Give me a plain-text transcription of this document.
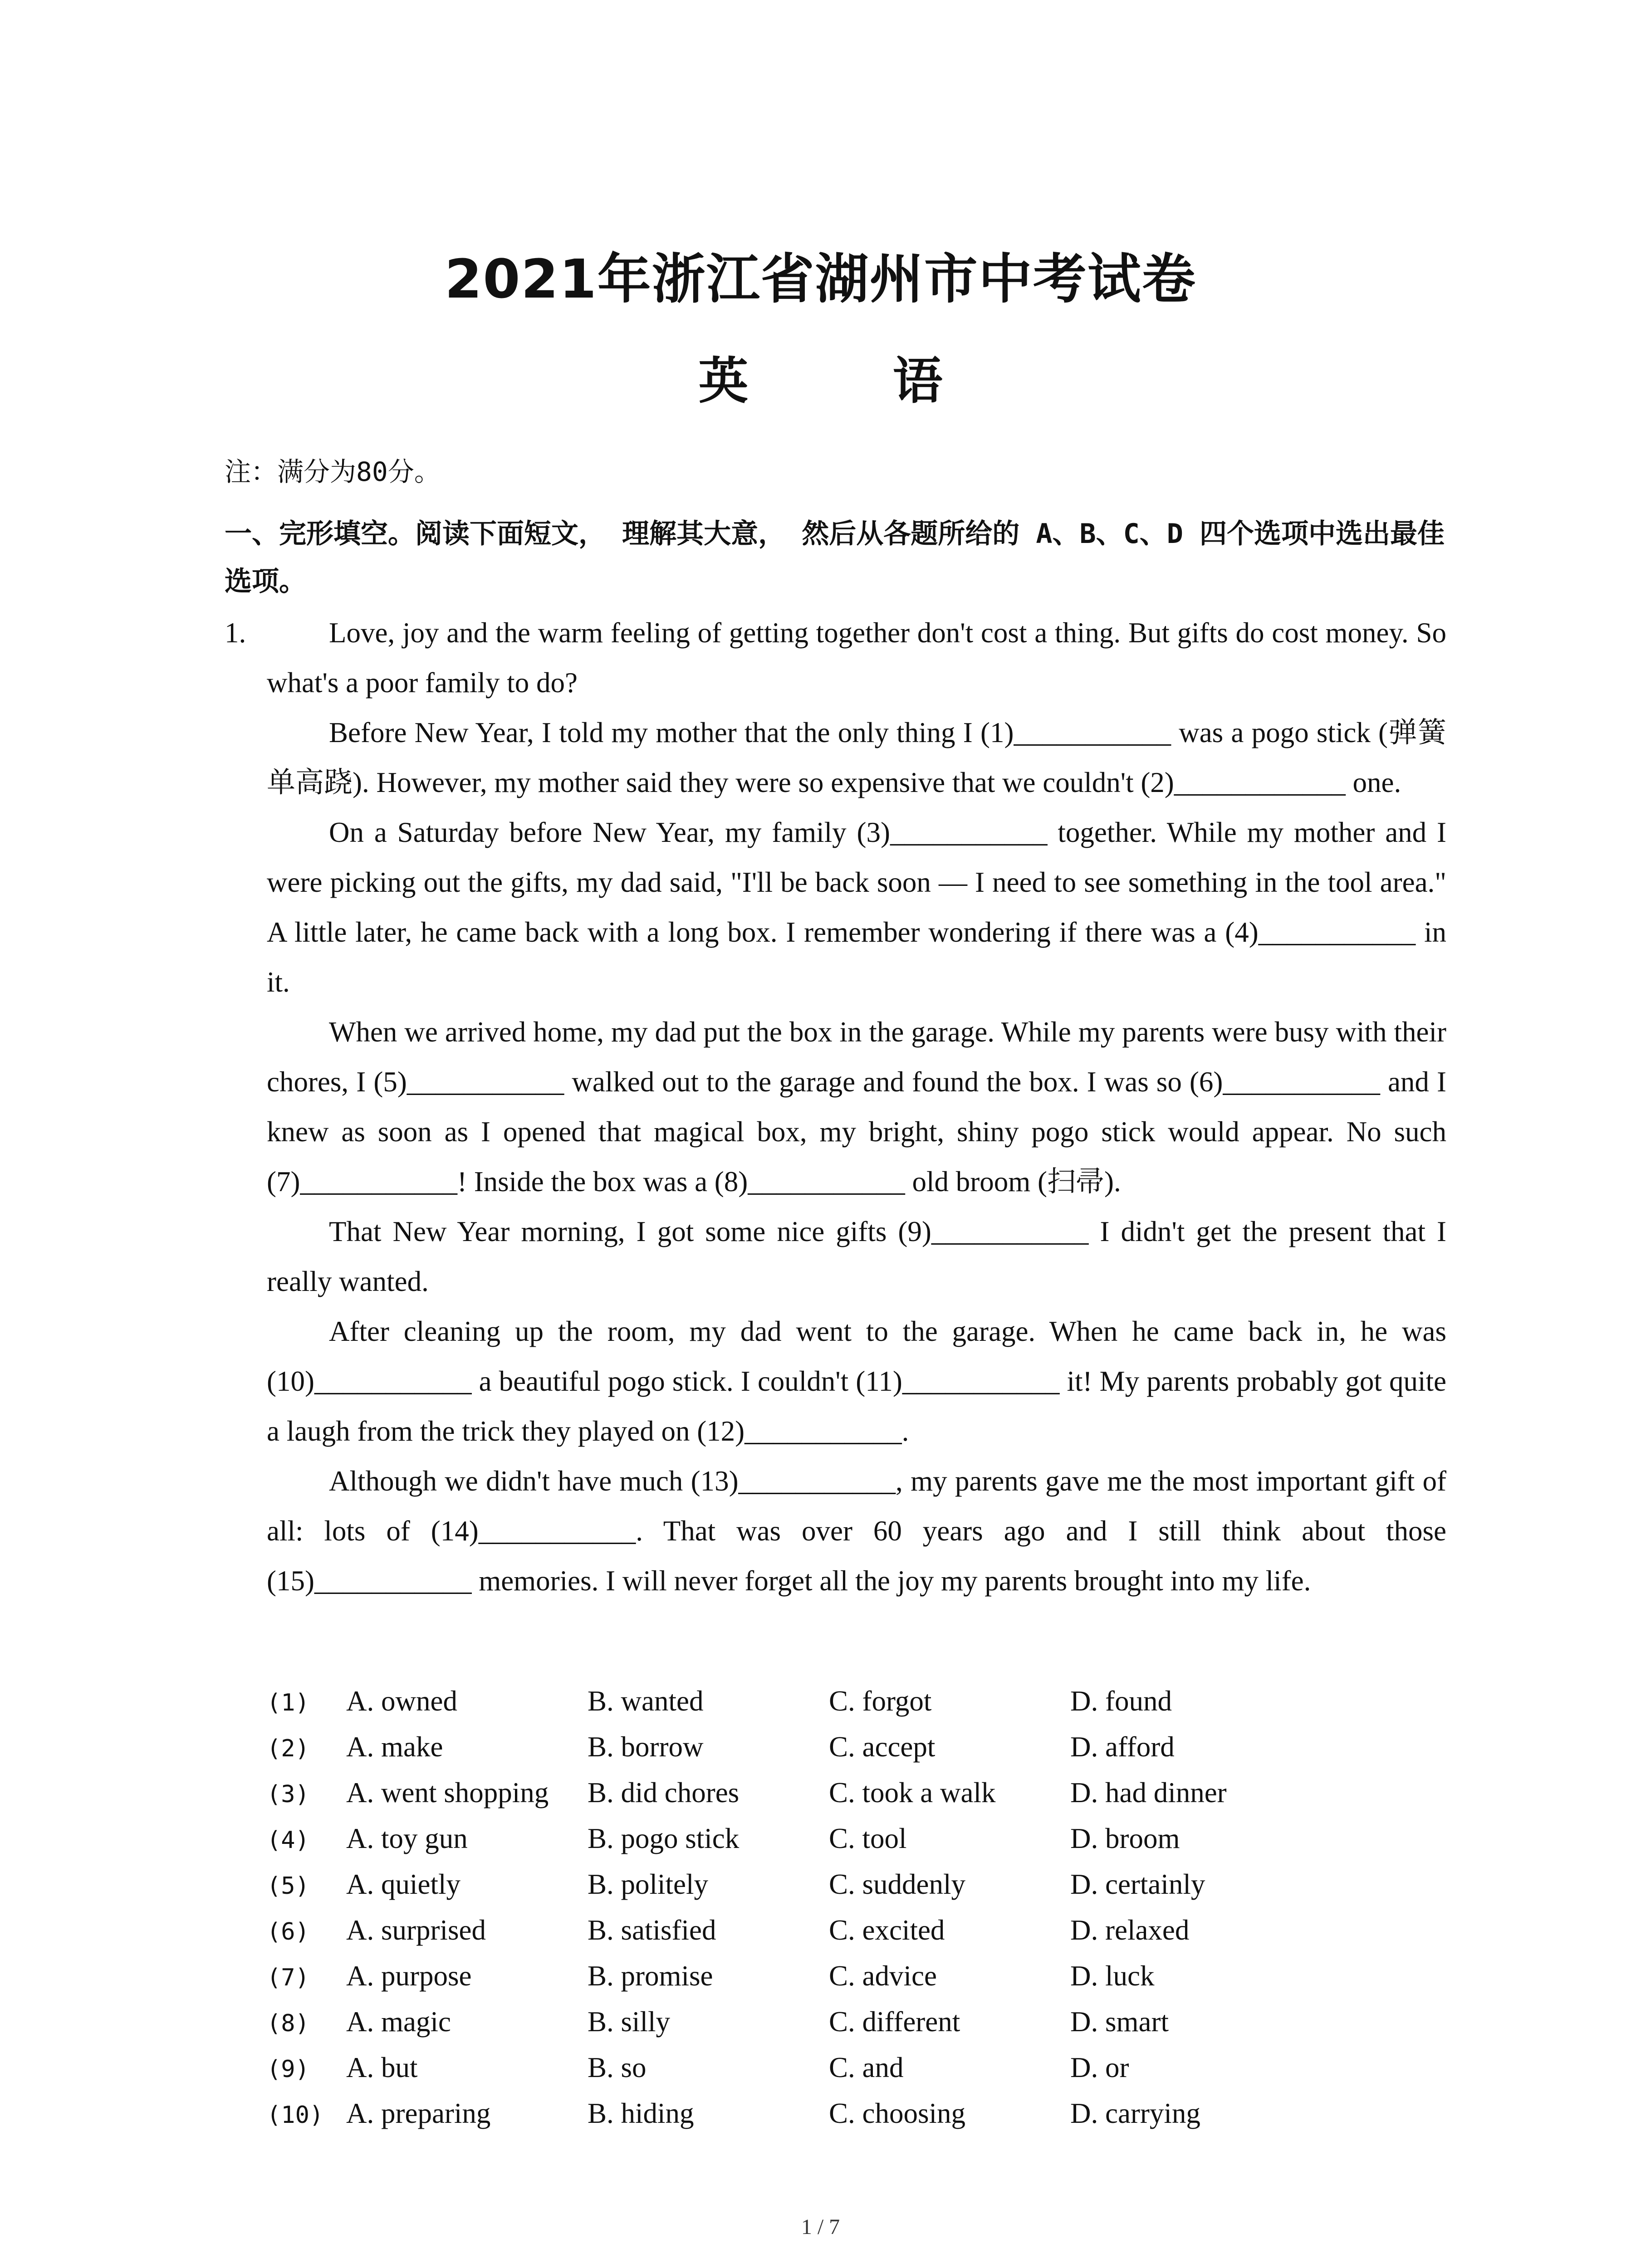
2021年浙江省湖州市中考试卷
英 语
注：满分为80分。
一、完形填空。阅读下面短文， 理解其大意， 然后从各题所给的 A、B、C、D 四个选项中选出最佳选项。
1.	Love, joy and the warm feeling of getting together don't cost a thing. But gifts do cost money. So what's a poor family to do?

Before New Year, I told my mother that the only thing I (1)___________ was a pogo stick (弹簧单高跷). However, my mother said they were so expensive that we couldn't (2)____________ one.

On a Saturday before New Year, my family (3)___________ together. While my mother and I were picking out the gifts, my dad said, "I'll be back soon — I need to see something in the tool area." A little later, he came back with a long box. I remember wondering if there was a (4)___________ in it.

When we arrived home, my dad put the box in the garage. While my parents were busy with their chores, I (5)___________ walked out to the garage and found the box. I was so (6)___________ and I knew as soon as I opened that magical box, my bright, shiny pogo stick would appear. No such (7)___________! Inside the box was a (8)___________ old broom (扫帚).

That New Year morning, I got some nice gifts (9)___________ I didn't get the present that I really wanted.

After cleaning up the room, my dad went to the garage. When he came back in, he was (10)___________ a beautiful pogo stick. I couldn't (11)___________ it! My parents probably got quite a laugh from the trick they played on (12)___________.

Although we didn't have much (13)___________, my parents gave me the most important gift of all: lots of (14)___________. That was over 60 years ago and I still think about those (15)___________ memories. I will never forget all the joy my parents brought into my life.

(1)	A. owned	B. wanted	C. forgot	D. found
(2)	A. make	B. borrow	C. accept	D. afford
(3)	A. went shopping	B. did chores	C. took a walk	D. had dinner
(4)	A. toy gun	B. pogo stick	C. tool	D. broom
(5)	A. quietly	B. politely	C. suddenly	D. certainly
(6)	A. surprised	B. satisfied	C. excited	D. relaxed
(7)	A. purpose	B. promise	C. advice	D. luck
(8)	A. magic	B. silly	C. different	D. smart
(9)	A. but	B. so	C. and	D. or
(10) A. preparing	B. hiding	C. choosing	D. carrying
1 / 7
